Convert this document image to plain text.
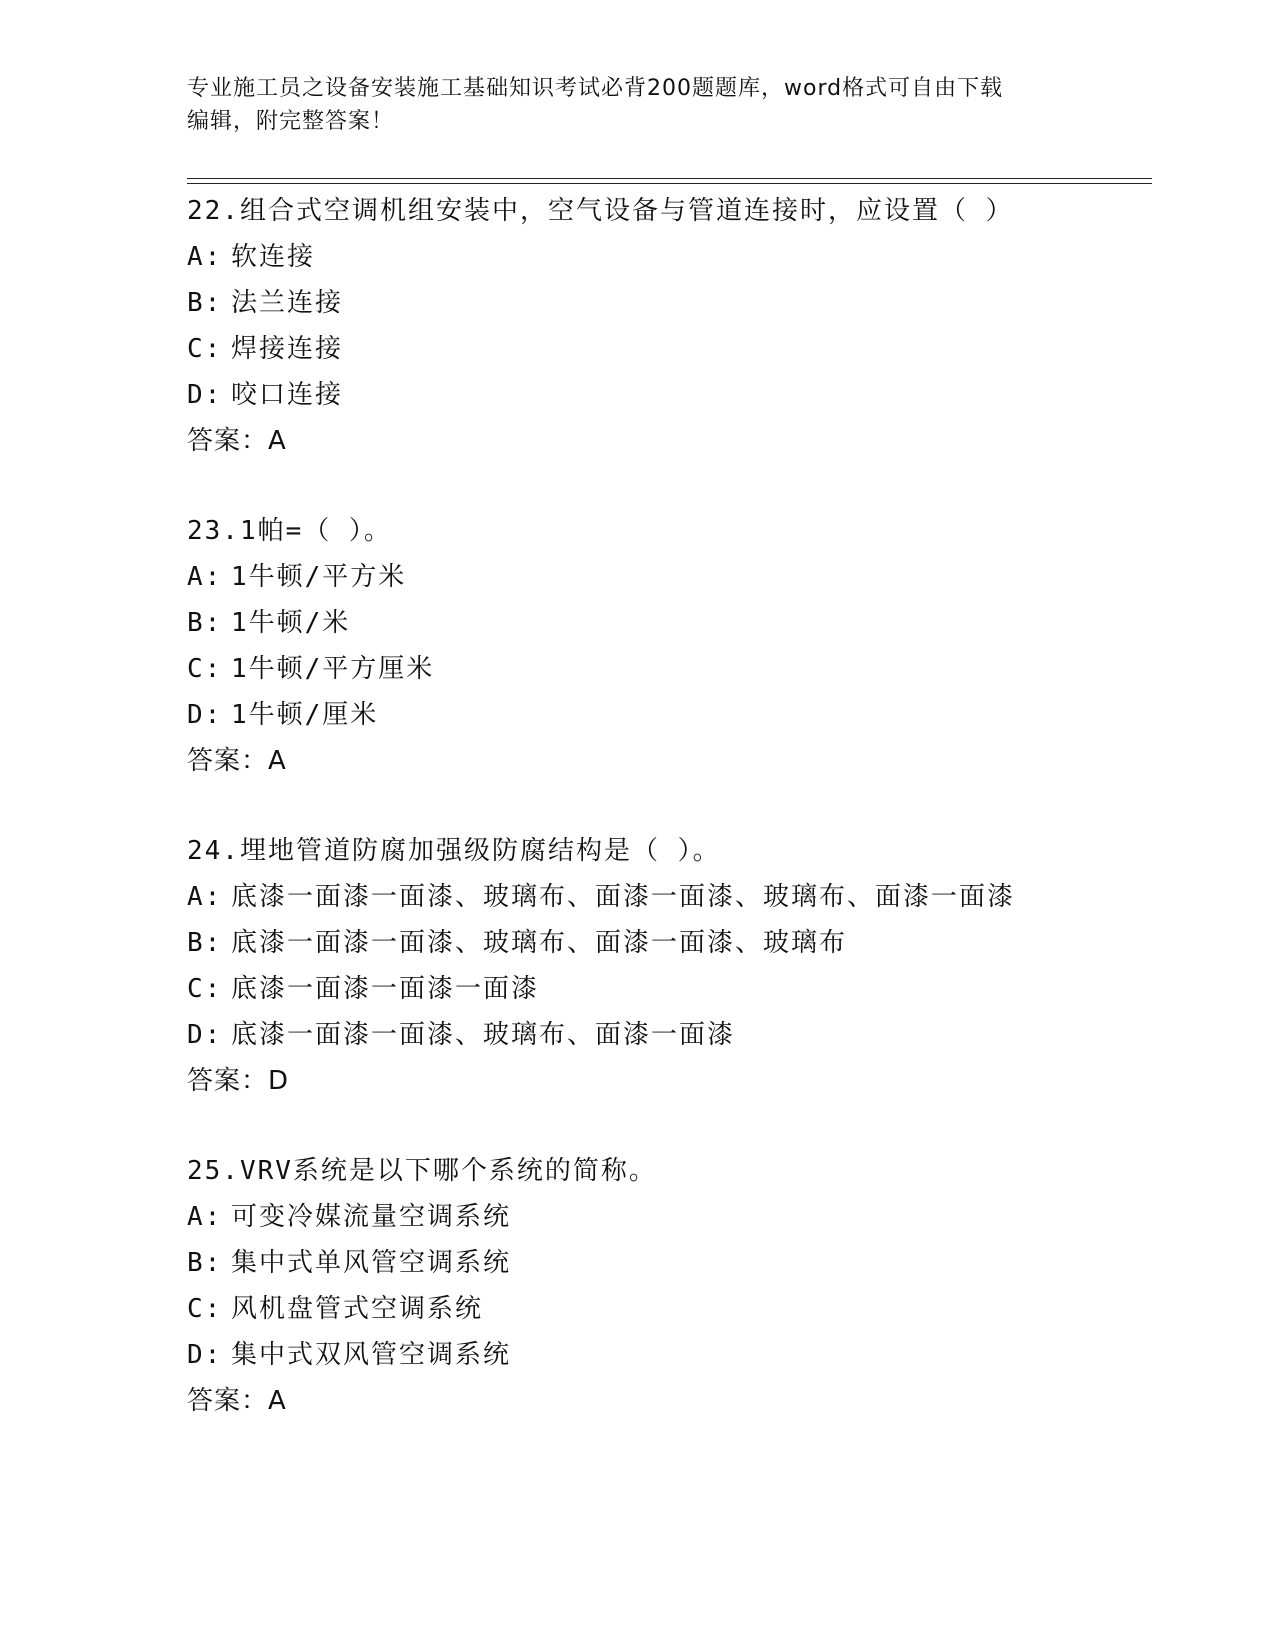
专业施工员之设备安装施工基础知识考试必背200题题库，word格式可自由下载
编辑，附完整答案！
22.组合式空调机组安装中，空气设备与管道连接时，应设置（ ）
A: 软连接
B: 法兰连接
C: 焊接连接
D: 咬口连接
答案：A
23.1帕=（ ）。
A: 1牛顿/平方米
B: 1牛顿/米
C: 1牛顿/平方厘米
D: 1牛顿/厘米
答案：A
24.埋地管道防腐加强级防腐结构是（ ）。
A: 底漆一面漆一面漆、玻璃布、面漆一面漆、玻璃布、面漆一面漆
B: 底漆一面漆一面漆、玻璃布、面漆一面漆、玻璃布
C: 底漆一面漆一面漆一面漆
D: 底漆一面漆一面漆、玻璃布、面漆一面漆
答案：D
25.VRV系统是以下哪个系统的简称。
A: 可变冷媒流量空调系统
B: 集中式单风管空调系统
C: 风机盘管式空调系统
D: 集中式双风管空调系统
答案：A
